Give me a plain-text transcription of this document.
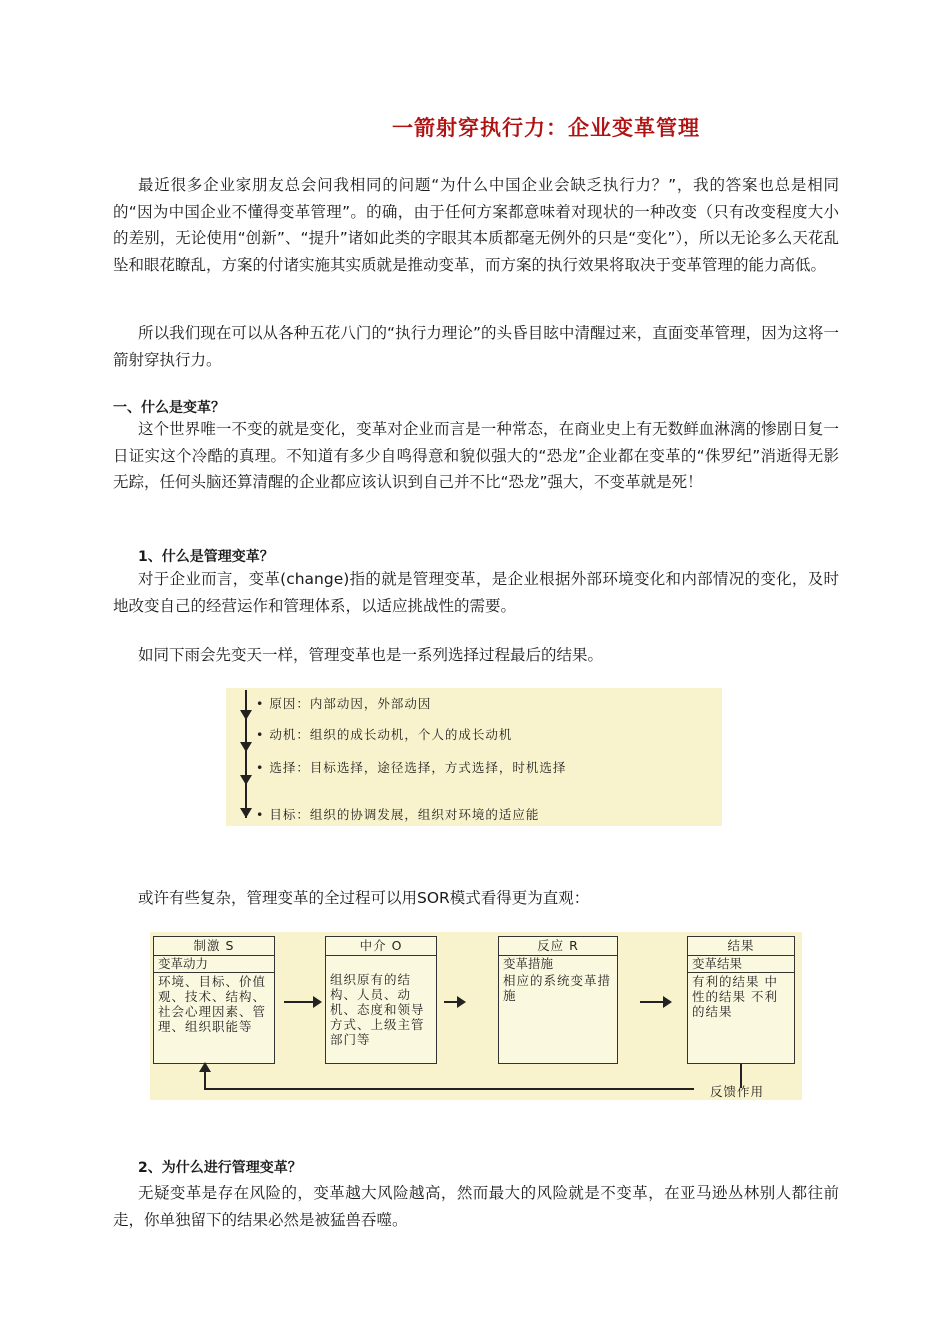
一箭射穿执行力：企业变革管理

最近很多企业家朋友总会问我相同的问题“为什么中国企业会缺乏执行力？”，我的答案也总是相同的“因为中国企业不懂得变革管理”。的确，由于任何方案都意味着对现状的一种改变（只有改变程度大小的差别，无论使用“创新”、“提升”诸如此类的字眼其本质都毫无例外的只是“变化”），所以无论多么天花乱坠和眼花瞭乱，方案的付诸实施其实质就是推动变革，而方案的执行效果将取决于变革管理的能力高低。

所以我们现在可以从各种五花八门的“执行力理论”的头昏目眩中清醒过来，直面变革管理，因为这将一箭射穿执行力。

一、什么是变革？

这个世界唯一不变的就是变化，变革对企业而言是一种常态，在商业史上有无数鲜血淋漓的惨剧日复一日证实这个冷酷的真理。不知道有多少自鸣得意和貌似强大的“恐龙”企业都在变革的“侏罗纪”消逝得无影无踪，任何头脑还算清醒的企业都应该认识到自己并不比“恐龙”强大，不变革就是死！

1、什么是管理变革？

对于企业而言，变革(change)指的就是管理变革，是企业根据外部环境变化和内部情况的变化，及时地改变自己的经营运作和管理体系，以适应挑战性的需要。

如同下雨会先变天一样，管理变革也是一系列选择过程最后的结果。

• 原因：内部动因，外部动因
• 动机：组织的成长动机，个人的成长动机
• 选择：目标选择，途径选择，方式选择，时机选择
• 目标：组织的协调发展，组织对环境的适应能

或许有些复杂，管理变革的全过程可以用SOR模式看得更为直观：

制激 S
变革动力
环境、目标、价值观、技术、结构、社会心理因素、管理、组织职能等
中介 O
组织原有的结构、人员、动机、态度和领导方式、上级主管部门等
反应 R
变革措施
相应的系统变革措施
结果
变革结果
有利的结果 中性的结果 不利的结果
反馈作用

2、为什么进行管理变革？

无疑变革是存在风险的，变革越大风险越高，然而最大的风险就是不变革，在亚马逊丛林别人都往前走，你单独留下的结果必然是被猛兽吞噬。
